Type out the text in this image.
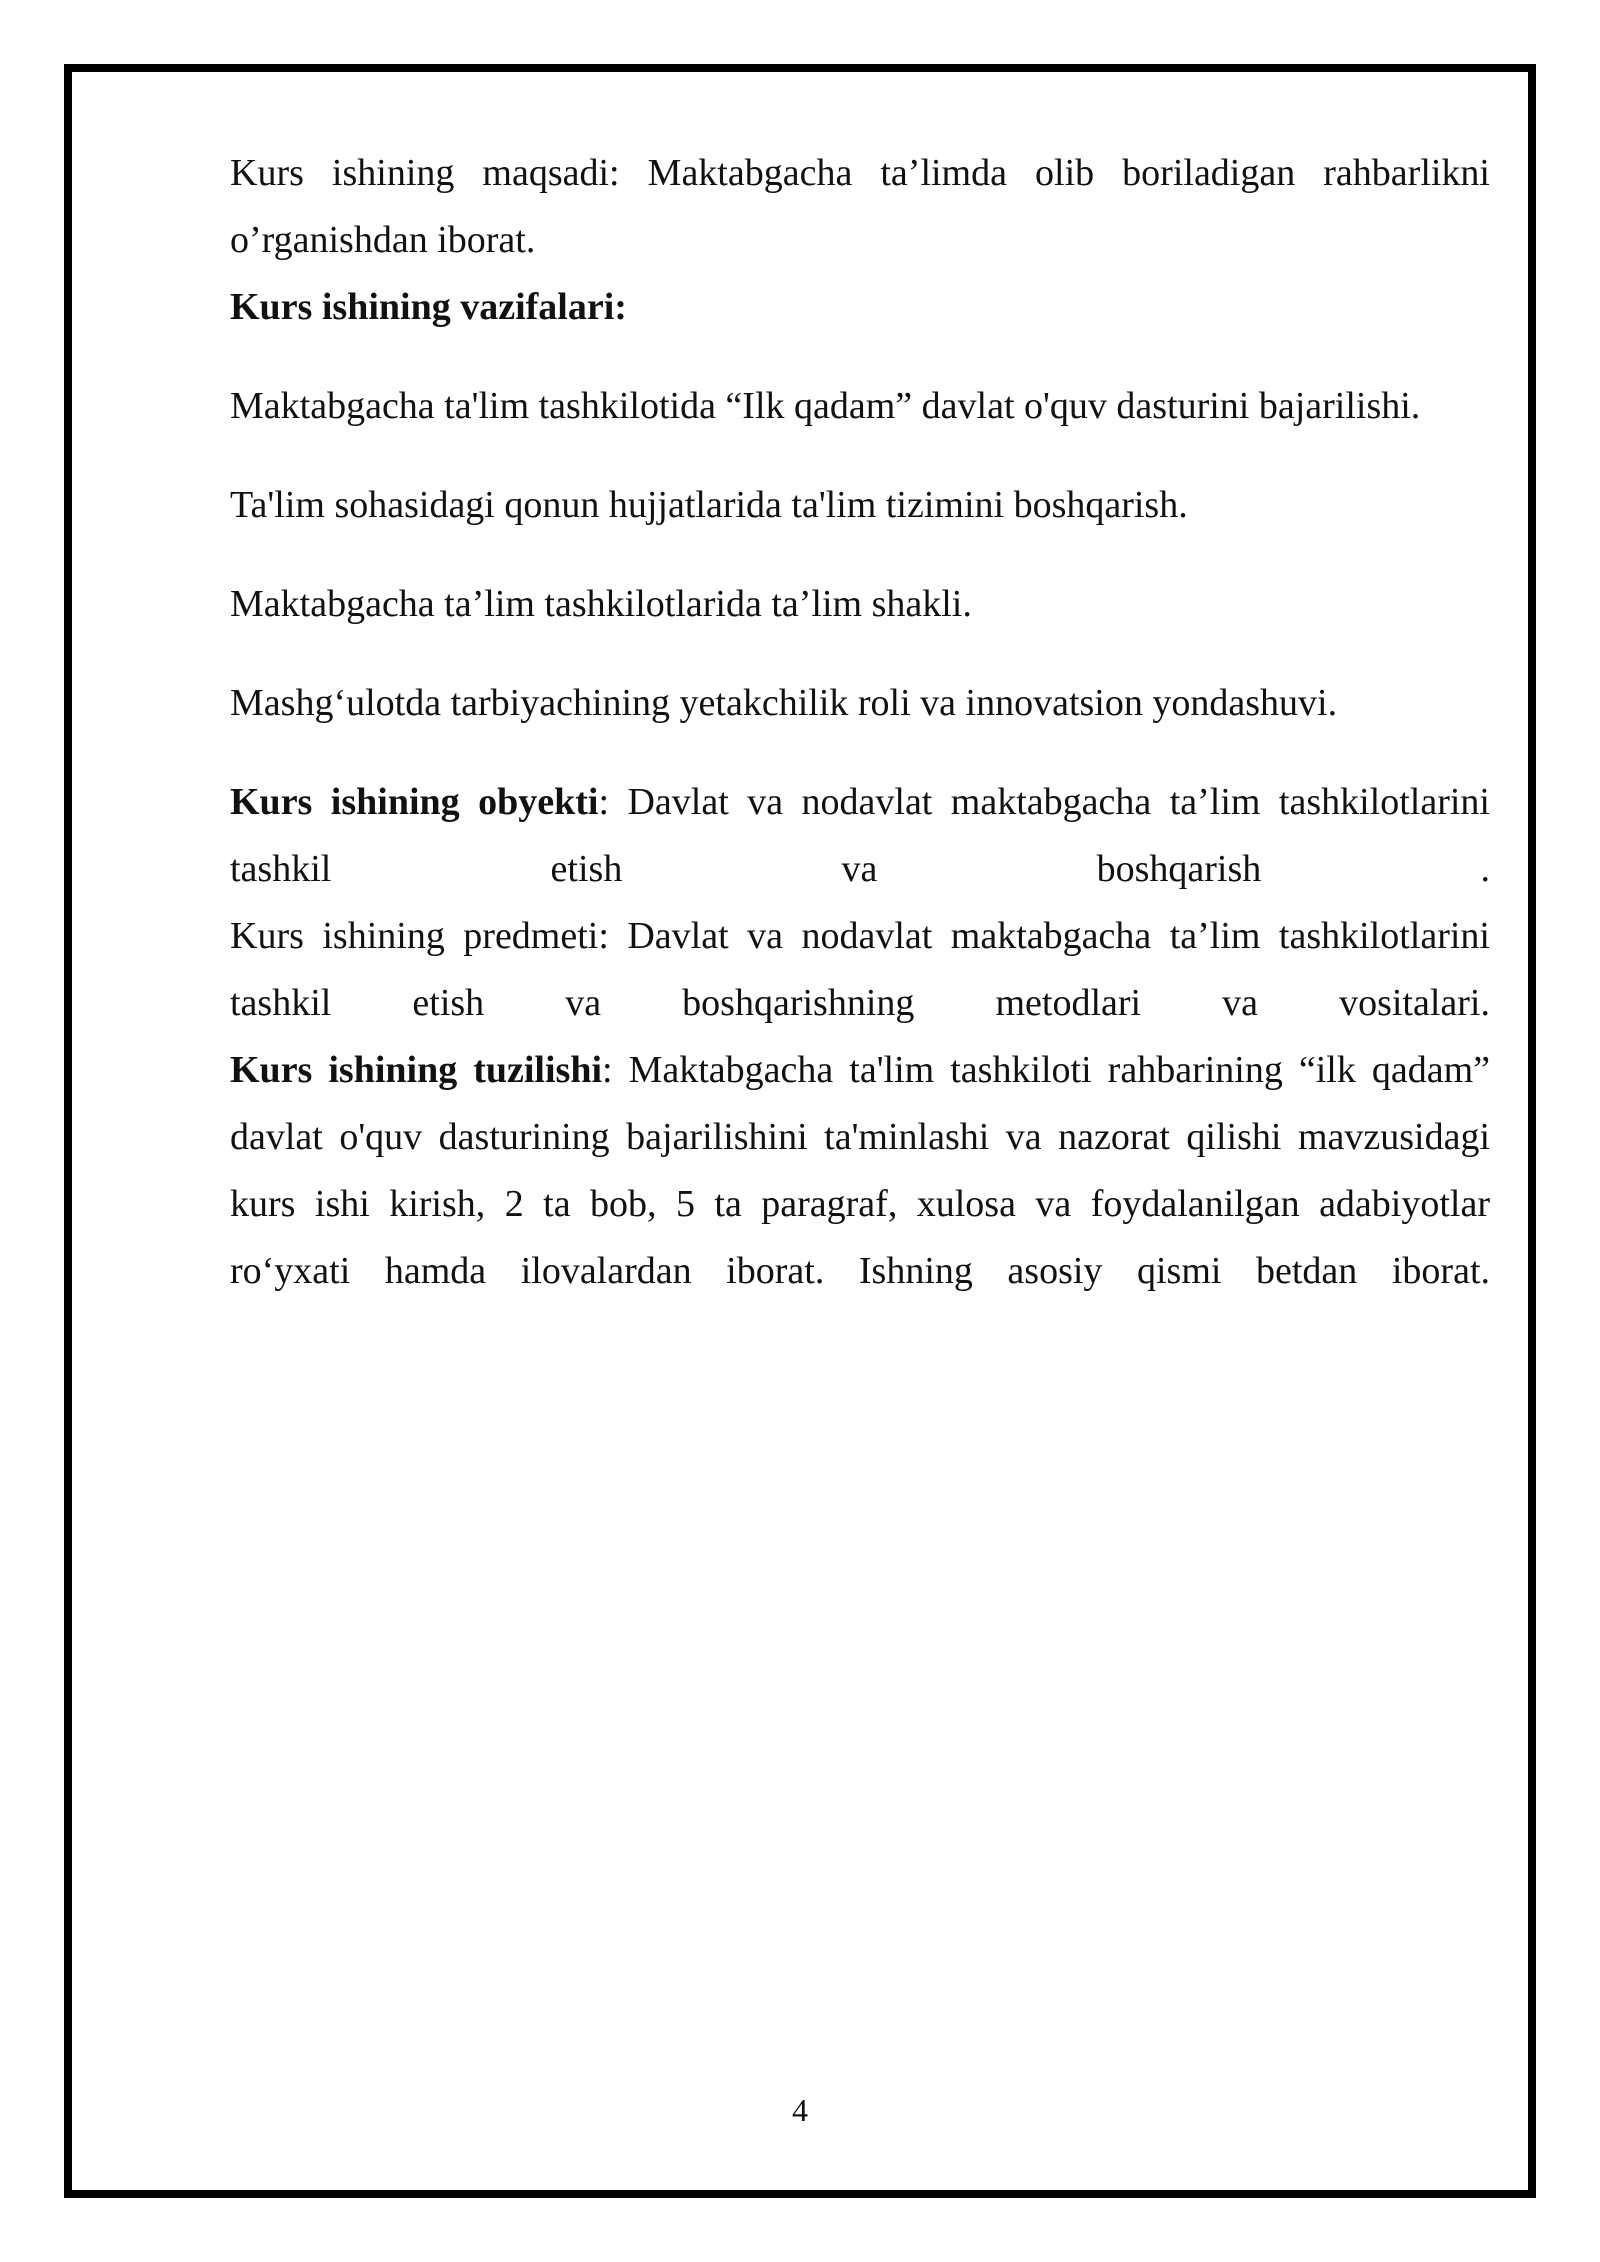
Kurs ishining maqsadi: Maktabgacha ta’limda olib boriladigan rahbarlikni o’rganishdan iborat.

Kurs ishining vazifalari:

Maktabgacha ta'lim tashkilotida “Ilk qadam” davlat o'quv dasturini bajarilishi.

Ta'lim sohasidagi qonun hujjatlarida ta'lim tizimini boshqarish.

Maktabgacha ta’lim tashkilotlarida ta’lim shakli.

Mashg‘ulotda tarbiyachining yetakchilik roli va innovatsion yondashuvi.

Kurs ishining obyekti: Davlat va nodavlat maktabgacha ta’lim tashkilotlarini tashkil etish va boshqarish	.

Kurs ishining predmeti: Davlat va nodavlat maktabgacha ta’lim tashkilotlarini tashkil etish va boshqarishning metodlari va vositalari.

Kurs ishining tuzilishi: Maktabgacha ta'lim tashkiloti rahbarining “ilk qadam” davlat o'quv dasturining bajarilishini ta'minlashi va nazorat qilishi mavzusidagi kurs ishi kirish, 2 ta bob, 5 ta paragraf, xulosa va foydalanilgan adabiyotlar ro‘yxati hamda ilovalardan iborat. Ishning asosiy qismi betdan iborat.

4
